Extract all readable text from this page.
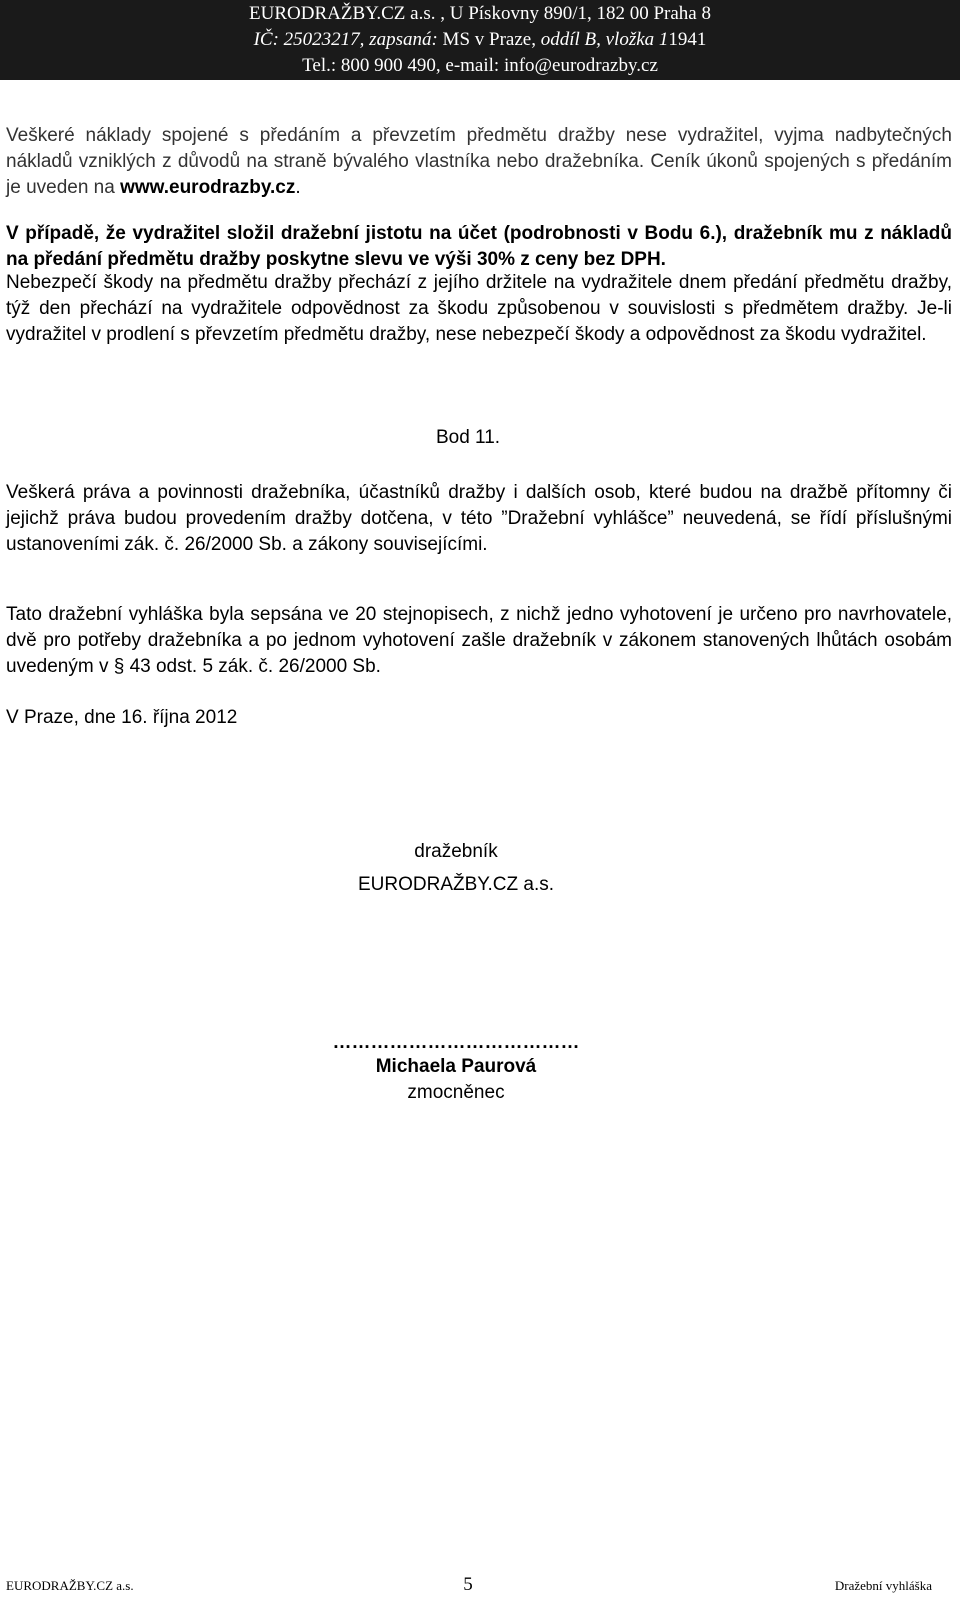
EURODRAŽBY.CZ a.s. , U Pískovny 890/1, 182 00 Praha 8
IČ: 25023217, zapsaná: MS v Praze, oddíl B, vložka 11941
Tel.: 800 900 490, e-mail: info@eurodrazby.cz

Veškeré náklady spojené s předáním a převzetím předmětu dražby nese vydražitel, vyjma nadbytečných nákladů vzniklých z důvodů na straně bývalého vlastníka nebo dražebníka. Ceník úkonů spojených s předáním je uveden na www.eurodrazby.cz.

V případě, že vydražitel složil dražební jistotu na účet (podrobnosti v Bodu 6.), dražebník mu z nákladů na předání předmětu dražby poskytne slevu ve výši 30% z ceny bez DPH.
Nebezpečí škody na předmětu dražby přechází z jejího držitele na vydražitele dnem předání předmětu dražby, týž den přechází na vydražitele odpovědnost za škodu způsobenou v souvislosti s předmětem dražby. Je-li vydražitel v prodlení s převzetím předmětu dražby, nese nebezpečí škody a odpovědnost za škodu vydražitel.
Bod 11.
Veškerá práva a povinnosti dražebníka, účastníků dražby i dalších osob, které budou na dražbě přítomny či jejichž práva budou provedením dražby dotčena, v této ”Dražební vyhlášce” neuvedená, se řídí příslušnými ustanoveními zák. č. 26/2000 Sb. a zákony souvisejícími.
Tato dražební vyhláška byla sepsána ve 20 stejnopisech, z nichž jedno vyhotovení je určeno pro navrhovatele, dvě pro potřeby dražebníka a po jednom vyhotovení zašle dražebník v zákonem stanovených lhůtách osobám uvedeným v § 43 odst. 5 zák. č. 26/2000 Sb.
V Praze, dne 16. října 2012
dražebník
EURODRAŽBY.CZ a.s.
…………………………………
Michaela Paurová
zmocněnec
EURODRAŽBY.CZ a.s.	5	Dražební vyhláška
